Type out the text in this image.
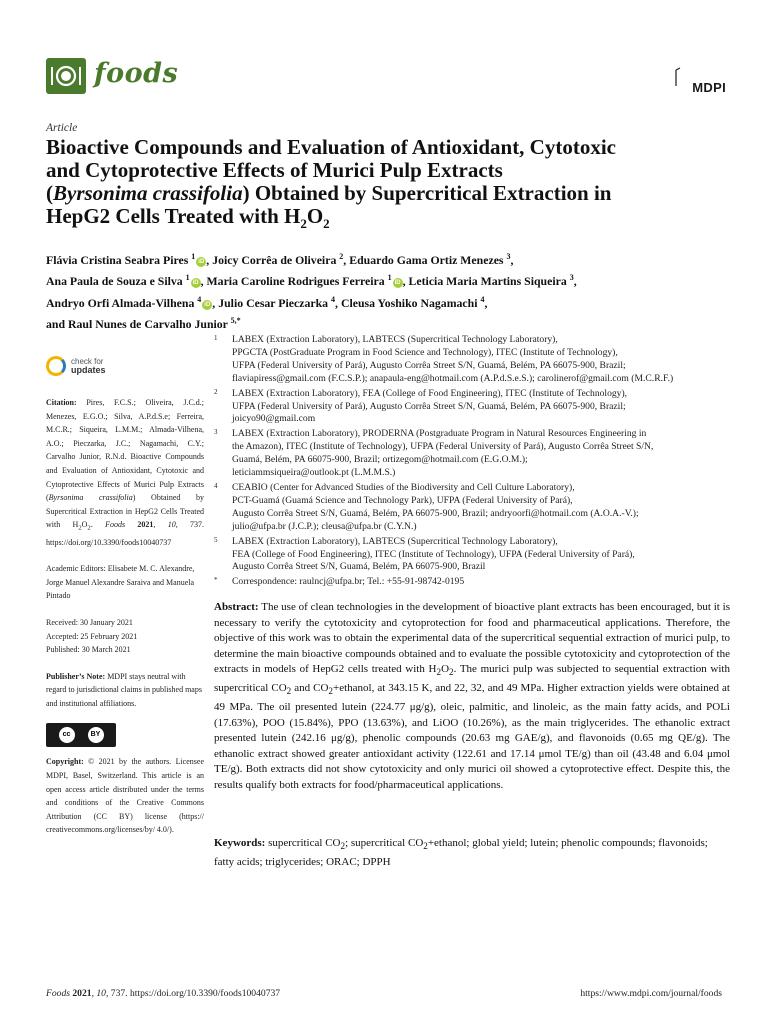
foods	MDPI
Article
Bioactive Compounds and Evaluation of Antioxidant, Cytotoxic
and Cytoprotective Effects of Murici Pulp Extracts
(Byrsonima crassifolia) Obtained by Supercritical Extraction in
HepG2 Cells Treated with $H_2O_2$
Flávia Cristina Seabra Pires $^1$iD , Joicy Corrêa de Oliveira $^2$, Eduardo Gama Ortiz Menezes $^3$,
Ana Paula de Souza e Silva $^1$iD , Maria Caroline Rodrigues Ferreira $^1$iD , Leticia Maria Martins Siqueira $^3$,
Andryo Orfi Almada-Vilhena $^4$iD , Julio Cesar Pieczarka $^4$, Cleusa Yoshiko Nagamachi $^4$,
and Raul Nunes de Carvalho Junior $^{5,*}$
1 LABEX (Extraction Laboratory), LABTECS (Supercritical Technology Laboratory),
PPGCTA (PostGraduate Program in Food Science and Technology), ITEC (Institute of Technology),
UFPA (Federal University of Pará), Augusto Corrêa Street S/N, Guamá, Belém, PA 66075-900, Brazil;
flaviapiress@gmail.com (F.C.S.P.); anapaula-eng@hotmail.com (A.P.d.S.e.S.); carolinerof@gmail.com (M.C.R.F.)
2 LABEX (Extraction Laboratory), FEA (College of Food Engineering), ITEC (Institute of Technology),
UFPA (Federal University of Pará), Augusto Corrêa Street S/N, Guamá, Belém, PA 66075-900, Brazil;
joicyo90@gmail.com
3 LABEX (Extraction Laboratory), PRODERNA (Postgraduate Program in Natural Resources Engineering in
the Amazon), ITEC (Institute of Technology), UFPA (Federal University of Pará), Augusto Corrêa Street S/N,
Guamá, Belém, PA 66075-900, Brazil; ortizegom@hotmail.com (E.G.O.M.);
leticiammsiqueira@outlook.pt (L.M.M.S.)
4 CEABIO (Center for Advanced Studies of the Biodiversity and Cell Culture Laboratory),
PCT-Guamá (Guamá Science and Technology Park), UFPA (Federal University of Pará),
Augusto Corrêa Street S/N, Guamá, Belém, PA 66075-900, Brazil; andryoorfi@hotmail.com (A.O.A.-V.);
julio@ufpa.br (J.C.P.); cleusa@ufpa.br (C.Y.N.)
5 LABEX (Extraction Laboratory), LABTECS (Supercritical Technology Laboratory),
FEA (College of Food Engineering), ITEC (Institute of Technology), UFPA (Federal University of Pará),
Augusto Corrêa Street S/N, Guamá, Belém, PA 66075-900, Brazil
* Correspondence: raulncj@ufpa.br; Tel.: +55-91-98742-0195
check for
updates
Citation: Pires, F.C.S.; Oliveira, J.C.d.; Menezes, E.G.O.; Silva, A.P.d.S.e; Ferreira, M.C.R.; Siqueira, L.M.M.; Almada-Vilhena, A.O.; Pieczarka, J.C.; Nagamachi, C.Y.; Carvalho Junior, R.N.d. Bioactive Compounds and Evaluation of Antioxidant, Cytotoxic and Cytoprotective Effects of Murici Pulp Extracts (Byrsonima crassifolia) Obtained by Supercritical Extraction in HepG2 Cells Treated with $H_2O_2$. Foods 2021, 10, 737. https://doi.org/10.3390/foods10040737
Academic Editors: Elisabete M. C. Alexandre, Jorge Manuel Alexandre Saraiva and Manuela Pintado
Received: 30 January 2021
Accepted: 25 February 2021
Published: 30 March 2021
Publisher’s Note: MDPI stays neutral with regard to jurisdictional claims in published maps and institutional affiliations.
cc	BY
Copyright: © 2021 by the authors. Licensee MDPI, Basel, Switzerland. This article is an open access article distributed under the terms and conditions of the Creative Commons Attribution (CC BY) license (https:// creativecommons.org/licenses/by/ 4.0/).
Abstract: The use of clean technologies in the development of bioactive plant extracts has been encouraged, but it is necessary to verify the cytotoxicity and cytoprotection for food and pharmaceutical applications. Therefore, the objective of this work was to obtain the experimental data of the supercritical sequential extraction of murici pulp, to determine the main bioactive compounds obtained and to evaluate the possible cytotoxicity and cytoprotection of the extracts in models of HepG2 cells treated with $H_2O_2$. The murici pulp was subjected to sequential extraction with supercritical $CO_2$ and $CO_2+ethanol$, at 343.15 K, and 22, 32, and 49 MPa. Higher extraction yields were obtained at 49 MPa. The oil presented lutein (224.77 μg/g), oleic, palmitic, and linoleic, as the main fatty acids, and POLi (17.63%), POO (15.84%), PPO (13.63%), and LiOO (10.26%), as the main triglycerides. The ethanolic extract presented lutein (242.16 μg/g), phenolic compounds (20.63 mg GAE/g), and flavonoids (0.65 mg QE/g). The ethanolic extract showed greater antioxidant activity (122.61 and 17.14 μmol TE/g) than oil (43.48 and 6.04 μmol TE/g). Both extracts did not show cytotoxicity and only murici oil showed a cytoprotective effect. Despite this, the results qualify both extracts for food/pharmaceutical applications.
Keywords: supercritical $CO_2$; supercritical $CO_2+ethanol$; global yield; lutein; phenolic compounds; flavonoids; fatty acids; triglycerides; ORAC; DPPH
Foods 2021, 10, 737. https://doi.org/10.3390/foods10040737	https://www.mdpi.com/journal/foods
